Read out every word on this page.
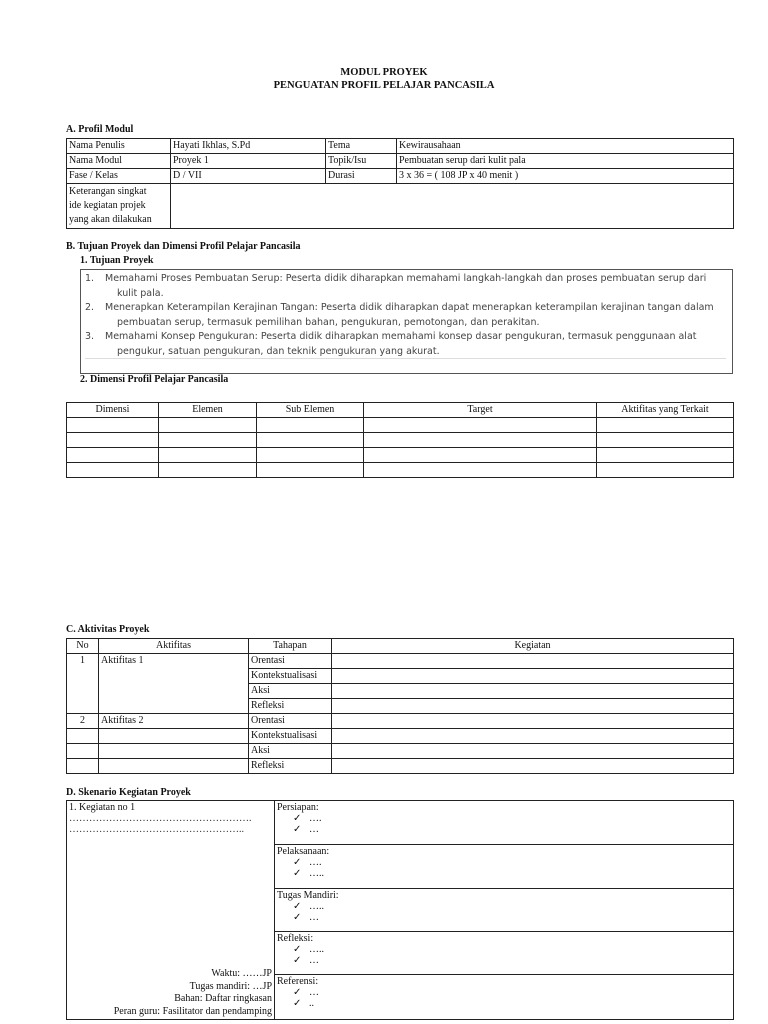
MODUL PROYEK
PENGUATAN PROFIL PELAJAR PANCASILA
A. Profil Modul
Nama Penulis	Hayati Ikhlas, S.Pd	Tema	Kewirausahaan
Nama Modul	Proyek 1	Topik/Isu	Pembuatan serup dari kulit pala
Fase / Kelas	D / VII	Durasi	3 x 36 = ( 108 JP x 40 menit )

Keterangan singkat
ide kegiatan projek
yang akan dilakukan			

B. Tujuan Proyek dan Dimensi Profil Pelajar Pancasila
1. Tujuan Proyek
1.	Memahami Proses Pembuatan Serup: Peserta didik diharapkan memahami langkah-langkah dan proses pembuatan serup dari
kulit pala.
2.	Menerapkan Keterampilan Kerajinan Tangan: Peserta didik diharapkan dapat menerapkan keterampilan kerajinan tangan dalam
pembuatan serup, termasuk pemilihan bahan, pengukuran, pemotongan, dan perakitan.
3.	Memahami Konsep Pengukuran: Peserta didik diharapkan memahami konsep dasar pengukuran, termasuk penggunaan alat
pengukur, satuan pengukuran, dan teknik pengukuran yang akurat.
2. Dimensi Profil Pelajar Pancasila
Dimensi	Elemen	Sub Elemen	Target	Aktifitas yang Terkait

C. Aktivitas Proyek
No	Aktifitas	Tahapan	Kegiatan
1	Aktifitas 1	Orentasi	
		Kontekstualisasi	
		Aksi	
		Refleksi	
2	Aktifitas 2	Orentasi	
		Kontekstualisasi	
		Aksi	
		Refleksi	
D. Skenario Kegiatan Proyek
1. Kegiatan no 1
……………………………………………….
……………………………………………..
Waktu: ……JP
Tugas mandiri: …JP
Bahan: Daftar ringkasan
Peran guru: Fasilitator dan pendamping

Persiapan:
✓ ….
✓ …
Pelaksanaan:
✓ ….
✓ …..
Tugas Mandiri:
✓ …..
✓ …
Refleksi:
✓ …..
✓ …
Referensi:
✓ …
✓ ..
